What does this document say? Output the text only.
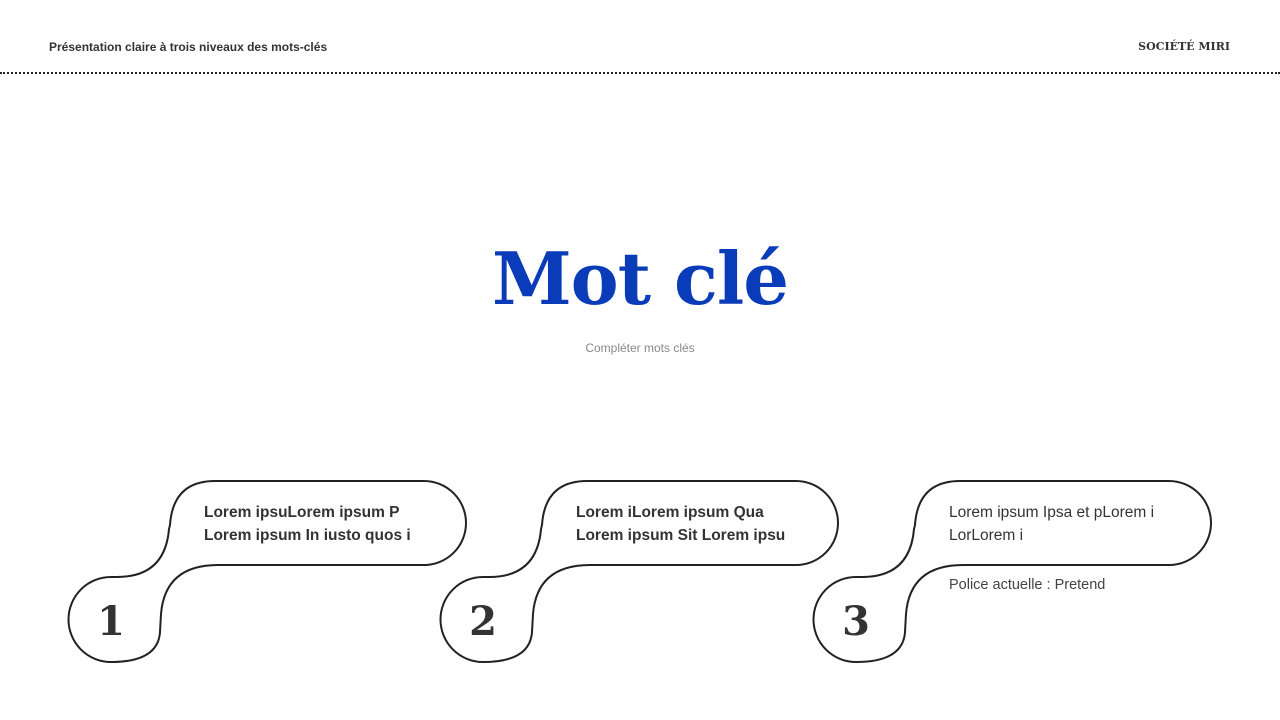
Présentation claire à trois niveaux des mots-clés	SOCIÉTÉ MIRI
Mot clé
Compléter mots clés
1
Lorem ipsuLorem ipsum P
Lorem ipsum In iusto quos i
2
Lorem iLorem ipsum Qua
Lorem ipsum Sit Lorem ipsu
3
Lorem ipsum Ipsa et pLorem i
LorLorem i
Police actuelle : Pretend
